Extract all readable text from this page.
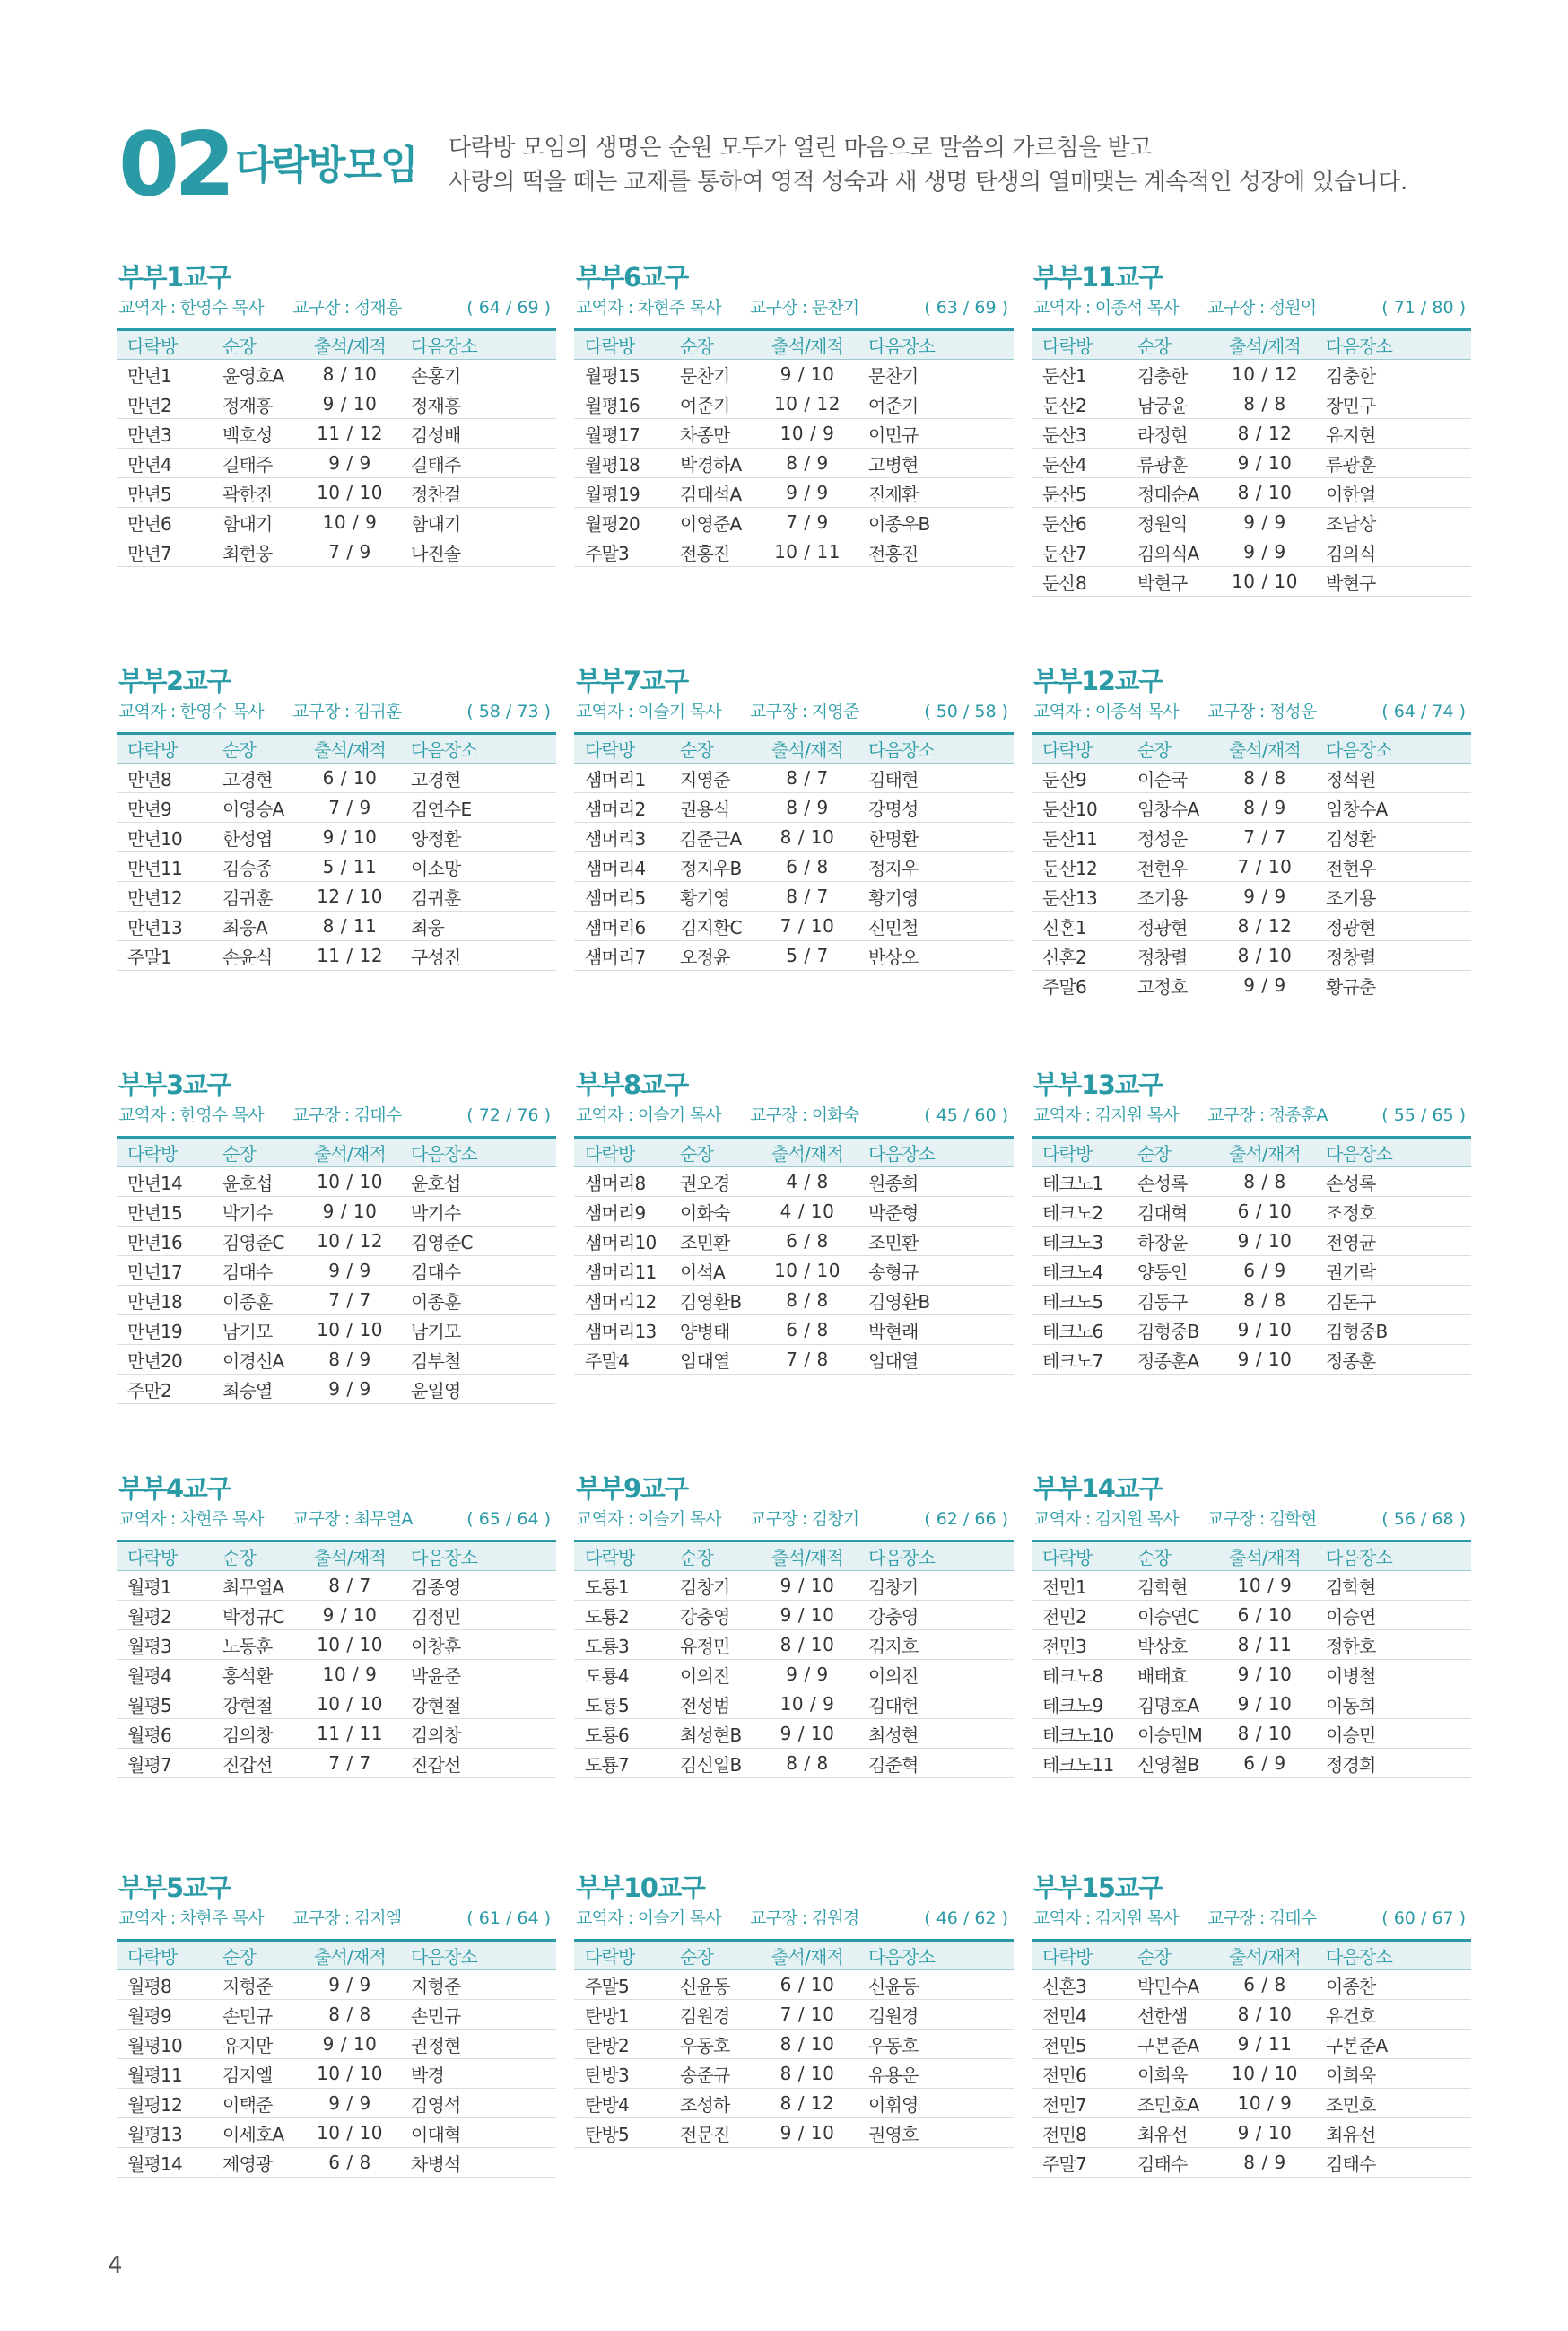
02 다락방모임 다락방 모임의 생명은 순원 모두가 열린 마음으로 말씀의 가르침을 받고
사랑의 떡을 떼는 교제를 통하여 영적 성숙과 새 생명 탄생의 열매맺는 계속적인 성장에 있습니다.
부부1교구
교역자 : 한영수 목사 교구장 : 정재흥	( 64 / 69 )
다락방	순장	출석/재적	다음장소
만년1	윤영호A	8 / 10	손홍기
만년2	정재흥	9 / 10	정재흥
만년3	백호성	11 / 12	김성배
만년4	길태주	9 / 9	길태주
만년5	곽한진	10 / 10	정찬걸
만년6	함대기	10 / 9	함대기
만년7	최현웅	7 / 9	나진솔
부부6교구
교역자 : 차현주 목사 교구장 : 문찬기	( 63 / 69 )
다락방	순장	출석/재적	다음장소
월평15	문찬기	9 / 10	문찬기
월평16	여준기	10 / 12	여준기
월평17	차종만	10 / 9	이민규
월평18	박경하A	8 / 9	고병현
월평19	김태석A	9 / 9	진재환
월평20	이영준A	7 / 9	이종우B
주말3	전홍진	10 / 11	전홍진
부부11교구
교역자 : 이종석 목사 교구장 : 정원익	( 71 / 80 )
다락방	순장	출석/재적	다음장소
둔산1	김충한	10 / 12	김충한
둔산2	남궁윤	8 / 8	장민구
둔산3	라정현	8 / 12	유지현
둔산4	류광훈	9 / 10	류광훈
둔산5	정대순A	8 / 10	이한얼
둔산6	정원익	9 / 9	조남상
둔산7	김의식A	9 / 9	김의식
둔산8	박현구	10 / 10	박현구
부부2교구
교역자 : 한영수 목사 교구장 : 김귀훈	( 58 / 73 )
다락방	순장	출석/재적	다음장소
만년8	고경현	6 / 10	고경현
만년9	이영승A	7 / 9	김연수E
만년10	한성엽	9 / 10	양정환
만년11	김승종	5 / 11	이소망
만년12	김귀훈	12 / 10	김귀훈
만년13	최웅A	8 / 11	최웅
주말1	손윤식	11 / 12	구성진
부부7교구
교역자 : 이슬기 목사 교구장 : 지영준	( 50 / 58 )
다락방	순장	출석/재적	다음장소
샘머리1	지영준	8 / 7	김태현
샘머리2	권용식	8 / 9	강명성
샘머리3	김준근A	8 / 10	한명환
샘머리4	정지우B	6 / 8	정지우
샘머리5	황기영	8 / 7	황기영
샘머리6	김지환C	7 / 10	신민철
샘머리7	오정윤	5 / 7	반상오
부부12교구
교역자 : 이종석 목사 교구장 : 정성운	( 64 / 74 )
다락방	순장	출석/재적	다음장소
둔산9	이순국	8 / 8	정석원
둔산10	임창수A	8 / 9	임창수A
둔산11	정성운	7 / 7	김성환
둔산12	전현우	7 / 10	전현우
둔산13	조기용	9 / 9	조기용
신혼1	정광현	8 / 12	정광현
신혼2	정창렬	8 / 10	정창렬
주말6	고정호	9 / 9	황규춘
부부3교구
교역자 : 한영수 목사 교구장 : 김대수	( 72 / 76 )
다락방	순장	출석/재적	다음장소
만년14	윤호섭	10 / 10	윤호섭
만년15	박기수	9 / 10	박기수
만년16	김영준C	10 / 12	김영준C
만년17	김대수	9 / 9	김대수
만년18	이종훈	7 / 7	이종훈
만년19	남기모	10 / 10	남기모
만년20	이경선A	8 / 9	김부철
주만2	최승열	9 / 9	윤일영
부부8교구
교역자 : 이슬기 목사 교구장 : 이화숙	( 45 / 60 )
다락방	순장	출석/재적	다음장소
샘머리8	권오경	4 / 8	원종희
샘머리9	이화숙	4 / 10	박준형
샘머리10	조민환	6 / 8	조민환
샘머리11	이석A	10 / 10	송형규
샘머리12	김영환B	8 / 8	김영환B
샘머리13	양병태	6 / 8	박현래
주말4	임대열	7 / 8	임대열
부부13교구
교역자 : 김지원 목사 교구장 : 정종훈A	( 55 / 65 )
다락방	순장	출석/재적	다음장소
테크노1	손성록	8 / 8	손성록
테크노2	김대혁	6 / 10	조정호
테크노3	하장윤	9 / 10	전영균
테크노4	양동인	6 / 9	권기락
테크노5	김동구	8 / 8	김돈구
테크노6	김형중B	9 / 10	김형중B
테크노7	정종훈A	9 / 10	정종훈
부부4교구
교역자 : 차현주 목사 교구장 : 최무열A	( 65 / 64 )
다락방	순장	출석/재적	다음장소
월평1	최무열A	8 / 7	김종영
월평2	박정규C	9 / 10	김정민
월평3	노동훈	10 / 10	이창훈
월평4	홍석환	10 / 9	박윤준
월평5	강현철	10 / 10	강현철
월평6	김의창	11 / 11	김의창
월평7	진갑선	7 / 7	진갑선
부부9교구
교역자 : 이슬기 목사 교구장 : 김창기	( 62 / 66 )
다락방	순장	출석/재적	다음장소
도룡1	김창기	9 / 10	김창기
도룡2	강충영	9 / 10	강충영
도룡3	유정민	8 / 10	김지호
도룡4	이의진	9 / 9	이의진
도룡5	전성범	10 / 9	김대헌
도룡6	최성현B	9 / 10	최성현
도룡7	김신일B	8 / 8	김준혁
부부14교구
교역자 : 김지원 목사 교구장 : 김학현	( 56 / 68 )
다락방	순장	출석/재적	다음장소
전민1	김학현	10 / 9	김학현
전민2	이승연C	6 / 10	이승연
전민3	박상호	8 / 11	정한호
테크노8	배태효	9 / 10	이병철
테크노9	김명호A	9 / 10	이동희
테크노10	이승민M	8 / 10	이승민
테크노11	신영철B	6 / 9	정경희
부부5교구
교역자 : 차현주 목사 교구장 : 김지엘	( 61 / 64 )
다락방	순장	출석/재적	다음장소
월평8	지형준	9 / 9	지형준
월평9	손민규	8 / 8	손민규
월평10	유지만	9 / 10	권정현
월평11	김지엘	10 / 10	박경
월평12	이택준	9 / 9	김영석
월평13	이세호A	10 / 10	이대혁
월평14	제영광	6 / 8	차병석
부부10교구
교역자 : 이슬기 목사 교구장 : 김원경	( 46 / 62 )
다락방	순장	출석/재적	다음장소
주말5	신윤동	6 / 10	신윤동
탄방1	김원경	7 / 10	김원경
탄방2	우동호	8 / 10	우동호
탄방3	송준규	8 / 10	유용운
탄방4	조성하	8 / 12	이휘영
탄방5	전문진	9 / 10	권영호
부부15교구
교역자 : 김지원 목사 교구장 : 김태수	( 60 / 67 )
다락방	순장	출석/재적	다음장소
신혼3	박민수A	6 / 8	이종찬
전민4	선한샘	8 / 10	유건호
전민5	구본준A	9 / 11	구본준A
전민6	이희욱	10 / 10	이희욱
전민7	조민호A	10 / 9	조민호
전민8	최유선	9 / 10	최유선
주말7	김태수	8 / 9	김태수
4
